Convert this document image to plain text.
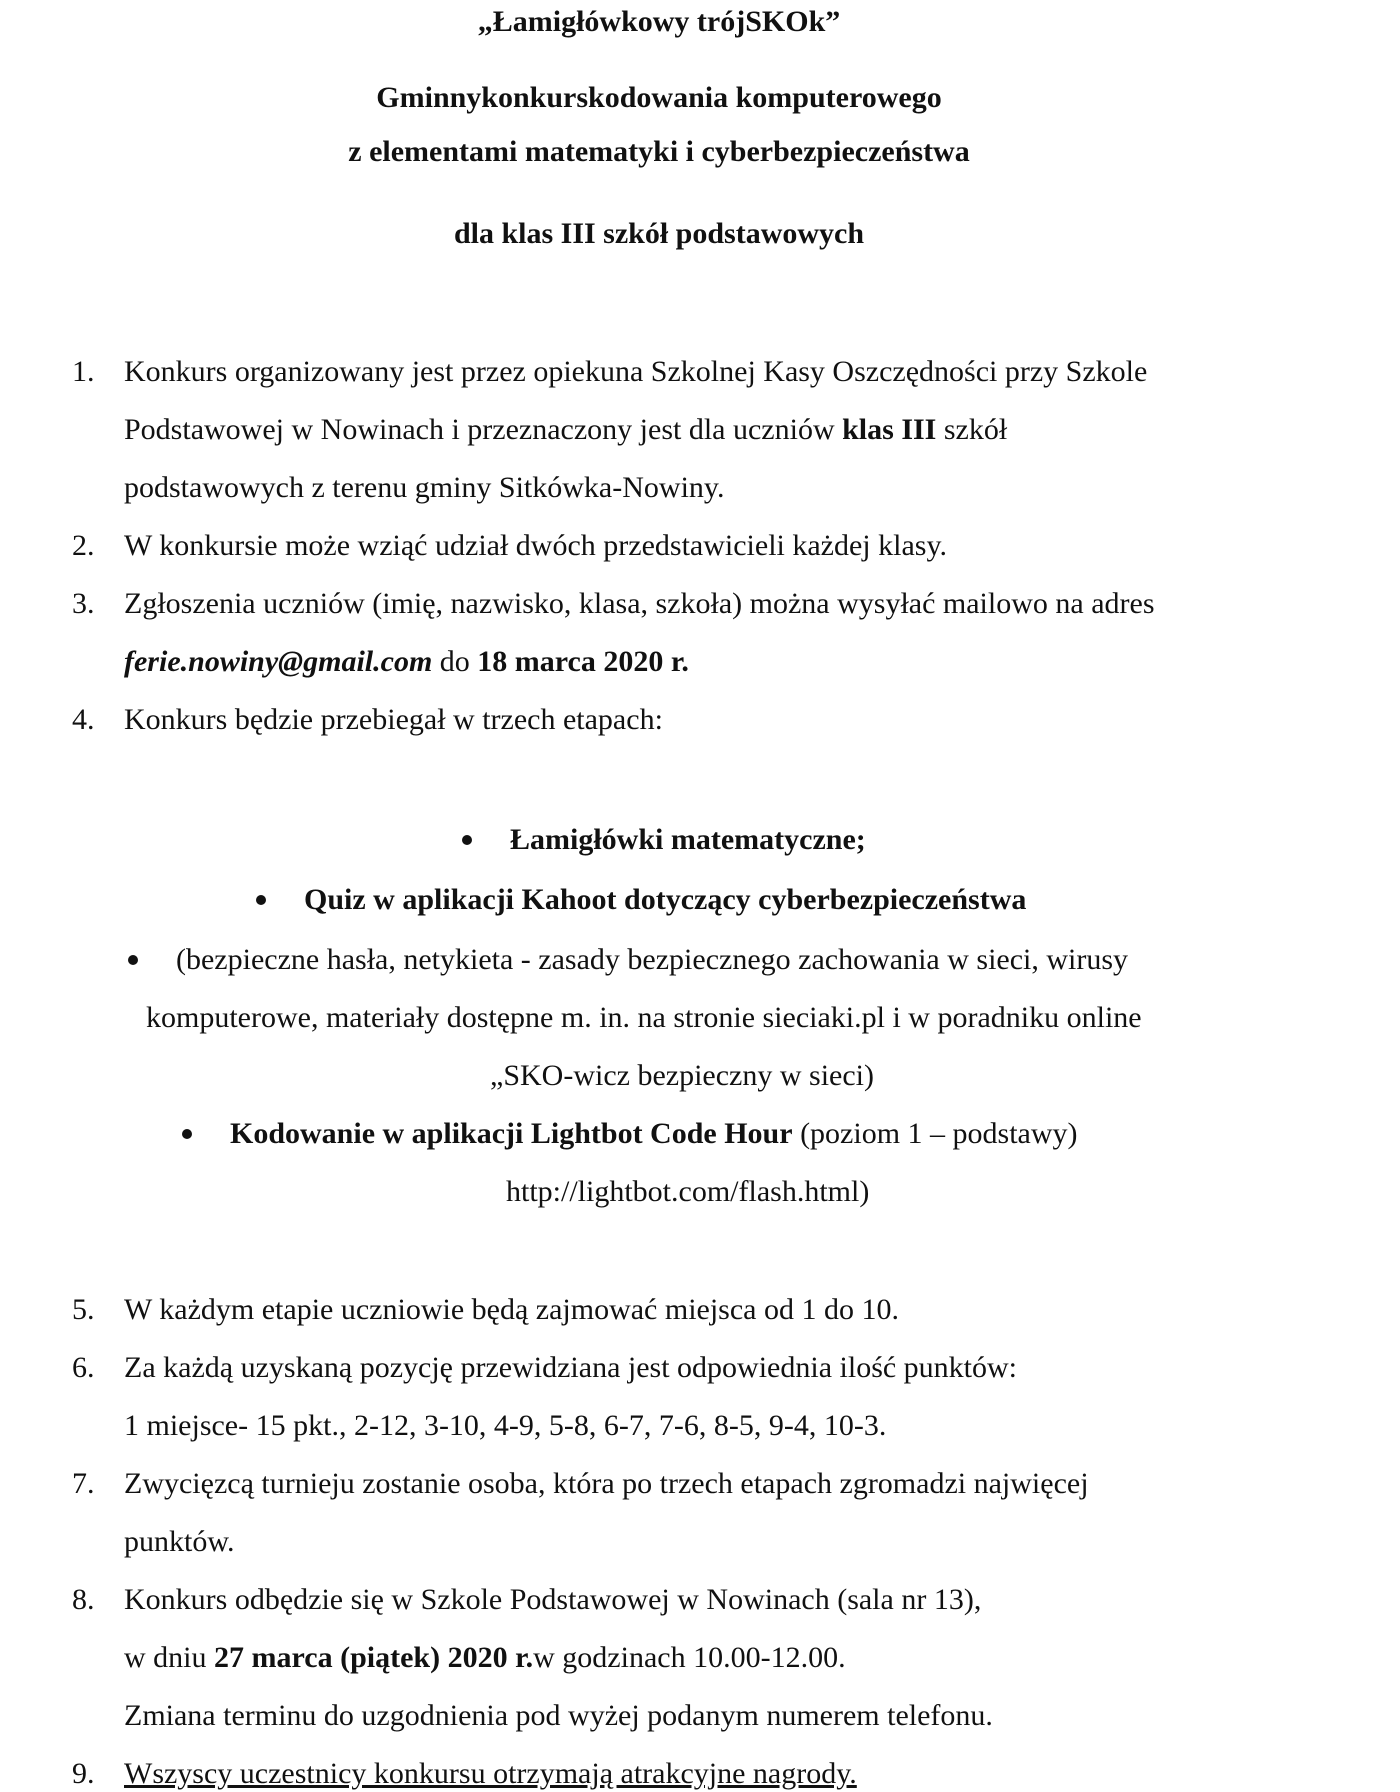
„Łamigłówkowy trójSKOk”
Gminnykonkurskodowania komputerowego
z elementami matematyki i cyberbezpieczeństwa
dla klas III szkół podstawowych
1. Konkurs organizowany jest przez opiekuna Szkolnej Kasy Oszczędności przy Szkole
Podstawowej w Nowinach i przeznaczony jest dla uczniów klas III szkół
podstawowych z terenu gminy Sitkówka-Nowiny.
2. W konkursie może wziąć udział dwóch przedstawicieli każdej klasy.
3. Zgłoszenia uczniów (imię, nazwisko, klasa, szkoła) można wysyłać mailowo na adres
ferie.nowiny@gmail.com do 18 marca 2020 r.
4. Konkurs będzie przebiegał w trzech etapach:
Łamigłówki matematyczne;
Quiz w aplikacji Kahoot dotyczący cyberbezpieczeństwa
(bezpieczne hasła, netykieta - zasady bezpiecznego zachowania w sieci, wirusy
komputerowe, materiały dostępne m. in. na stronie sieciaki.pl i w poradniku online
„SKO-wicz bezpieczny w sieci)
Kodowanie w aplikacji Lightbot Code Hour (poziom 1 – podstawy)
http://lightbot.com/flash.html)
5. W każdym etapie uczniowie będą zajmować miejsca od 1 do 10.
6. Za każdą uzyskaną pozycję przewidziana jest odpowiednia ilość punktów:
1 miejsce- 15 pkt., 2-12, 3-10, 4-9, 5-8, 6-7, 7-6, 8-5, 9-4, 10-3.
7. Zwycięzcą turnieju zostanie osoba, która po trzech etapach zgromadzi najwięcej
punktów.
8. Konkurs odbędzie się w Szkole Podstawowej w Nowinach (sala nr 13),
w dniu 27 marca (piątek) 2020 r.w godzinach 10.00-12.00.
Zmiana terminu do uzgodnienia pod wyżej podanym numerem telefonu.
9. Wszyscy uczestnicy konkursu otrzymają atrakcyjne nagrody.
